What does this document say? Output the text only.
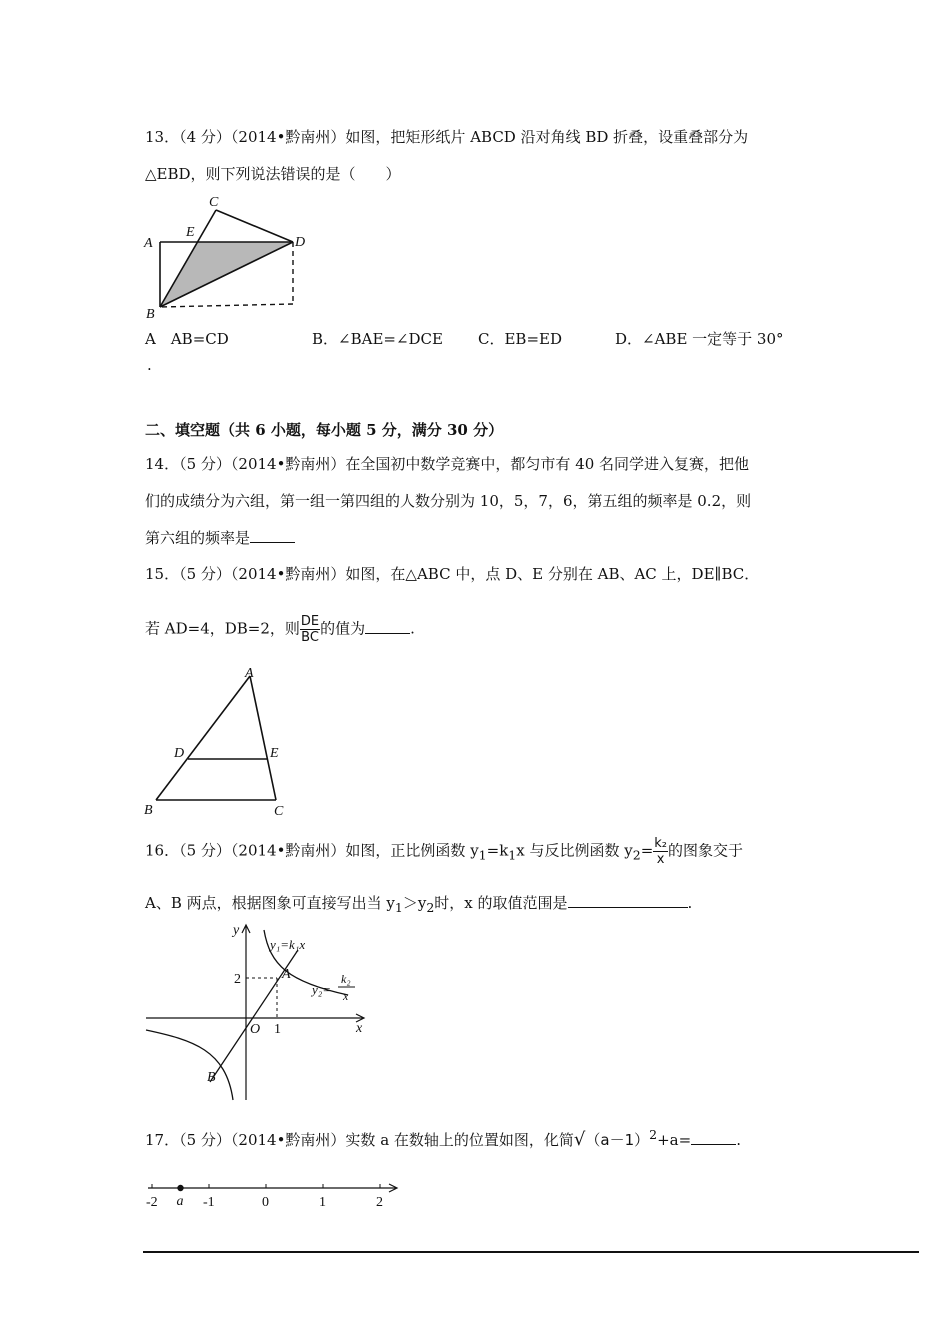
13．（4 分）（2014•黔南州）如图，把矩形纸片 ABCD 沿对角线 BD 折叠，设重叠部分为
△EBD，则下列说法错误的是（　　）
A
B
C
D
E
A　AB=CD	B．∠BAE=∠DCE C．EB=ED	D．∠ABE 一定等于 30°
.
二、填空题（共 6 小题，每小题 5 分，满分 30 分）
14．（5 分）（2014•黔南州）在全国初中数学竞赛中，都匀市有 40 名同学进入复赛，把他
们的成绩分为六组，第一组一第四组的人数分别为 10，5，7，6，第五组的频率是 0.2，则
第六组的频率是
15．（5 分）（2014•黔南州）如图，在△ABC 中，点 D、E 分别在 AB、AC 上，DE∥BC．
若 AD=4，DB=2，则 $\frac{DE}{BC}$ 的值为	.
A
B	C
D	E
16．（5 分）（2014•黔南州）如图，正比例函数 $y_1=k_1x$ 与反比例函数 $y_2= \frac{\text{k₂}}{x}$ 的图象交于
A、B 两点，根据图象可直接写出当 $y_1>y_2$时，x 的取值范围是	.
y
x
O 1
2	A
B
y₁=k₁x
y₂=
k₂
x
17．（5 分）（2014•黔南州）实数 a 在数轴上的位置如图，化简$√(a-1)^2+a=$	.
-2	-1	0	1	2
a
